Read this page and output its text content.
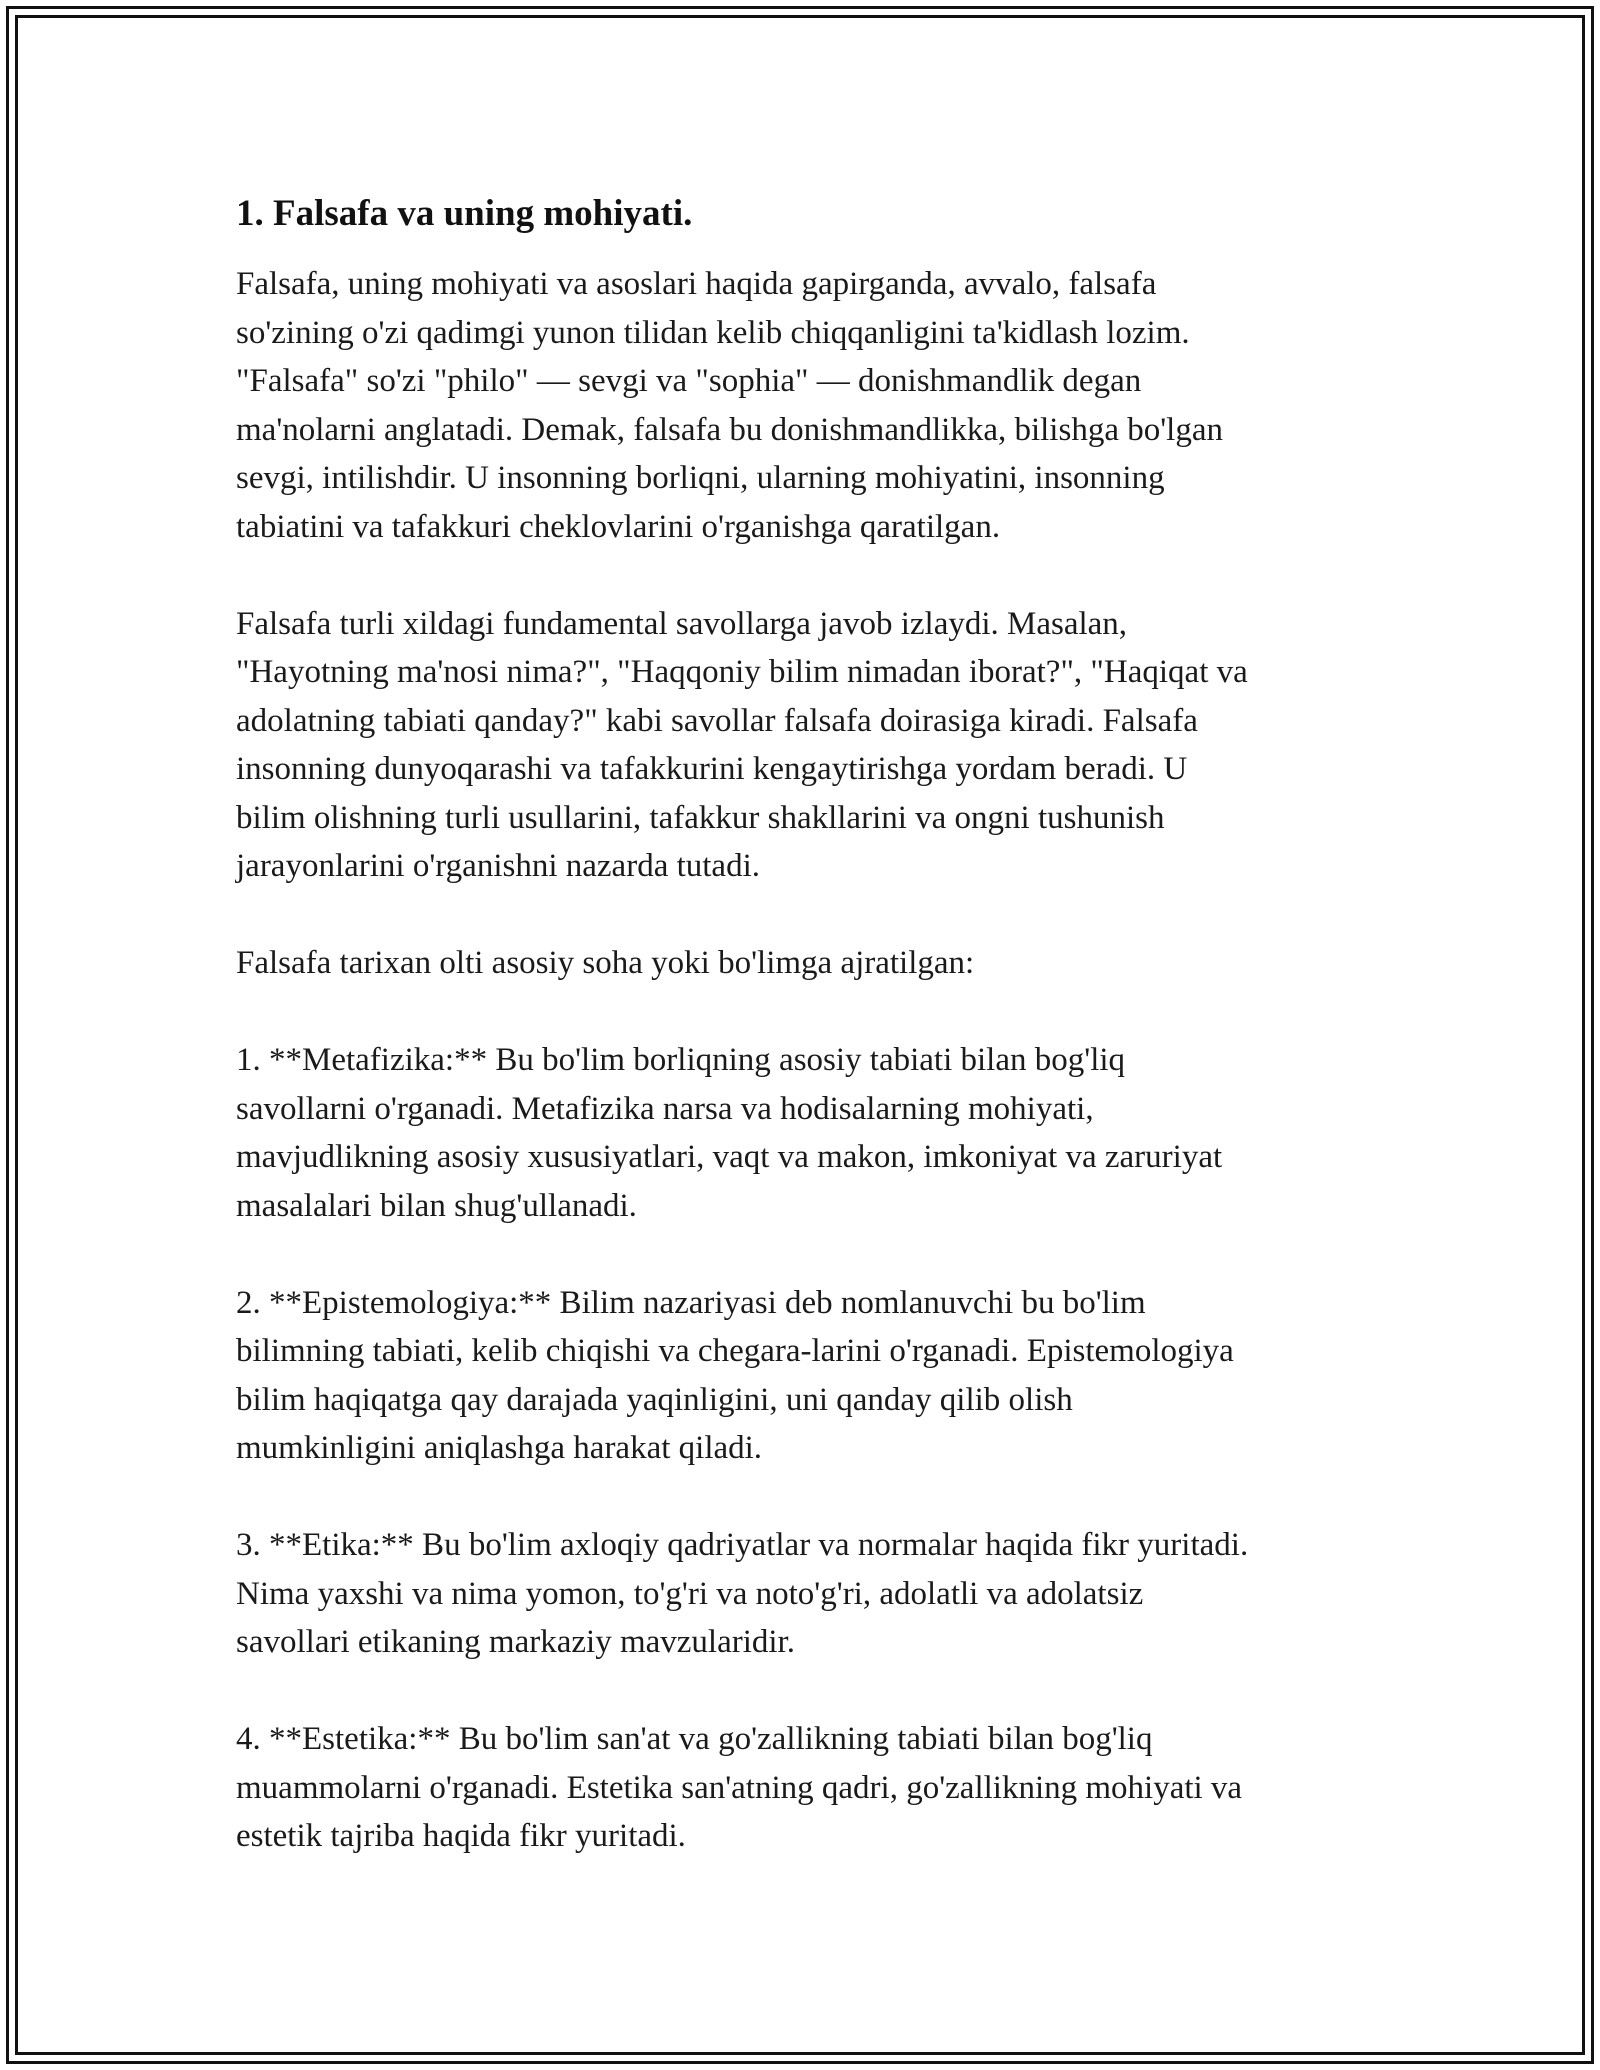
1. Falsafa va uning mohiyati.
Falsafa, uning mohiyati va asoslari haqida gapirganda, avvalo, falsafa
so'zining o'zi qadimgi yunon tilidan kelib chiqqanligini ta'kidlash lozim.
"Falsafa" so'zi "philo" — sevgi va "sophia" — donishmandlik degan
ma'nolarni anglatadi. Demak, falsafa bu donishmandlikka, bilishga bo'lgan
sevgi, intilishdir. U insonning borliqni, ularning mohiyatini, insonning
tabiatini va tafakkuri cheklovlarini o'rganishga qaratilgan.
Falsafa turli xildagi fundamental savollarga javob izlaydi. Masalan,
"Hayotning ma'nosi nima?", "Haqqoniy bilim nimadan iborat?", "Haqiqat va
adolatning tabiati qanday?" kabi savollar falsafa doirasiga kiradi. Falsafa
insonning dunyoqarashi va tafakkurini kengaytirishga yordam beradi. U
bilim olishning turli usullarini, tafakkur shakllarini va ongni tushunish
jarayonlarini o'rganishni nazarda tutadi.
Falsafa tarixan olti asosiy soha yoki bo'limga ajratilgan:
1. **Metafizika:** Bu bo'lim borliqning asosiy tabiati bilan bog'liq
savollarni o'rganadi. Metafizika narsa va hodisalarning mohiyati,
mavjudlikning asosiy xususiyatlari, vaqt va makon, imkoniyat va zaruriyat
masalalari bilan shug'ullanadi.
2. **Epistemologiya:** Bilim nazariyasi deb nomlanuvchi bu bo'lim
bilimning tabiati, kelib chiqishi va chegara-larini o'rganadi. Epistemologiya
bilim haqiqatga qay darajada yaqinligini, uni qanday qilib olish
mumkinligini aniqlashga harakat qiladi.
3. **Etika:** Bu bo'lim axloqiy qadriyatlar va normalar haqida fikr yuritadi.
Nima yaxshi va nima yomon, to'g'ri va noto'g'ri, adolatli va adolatsiz
savollari etikaning markaziy mavzularidir.
4. **Estetika:** Bu bo'lim san'at va go'zallikning tabiati bilan bog'liq
muammolarni o'rganadi. Estetika san'atning qadri, go'zallikning mohiyati va
estetik tajriba haqida fikr yuritadi.
